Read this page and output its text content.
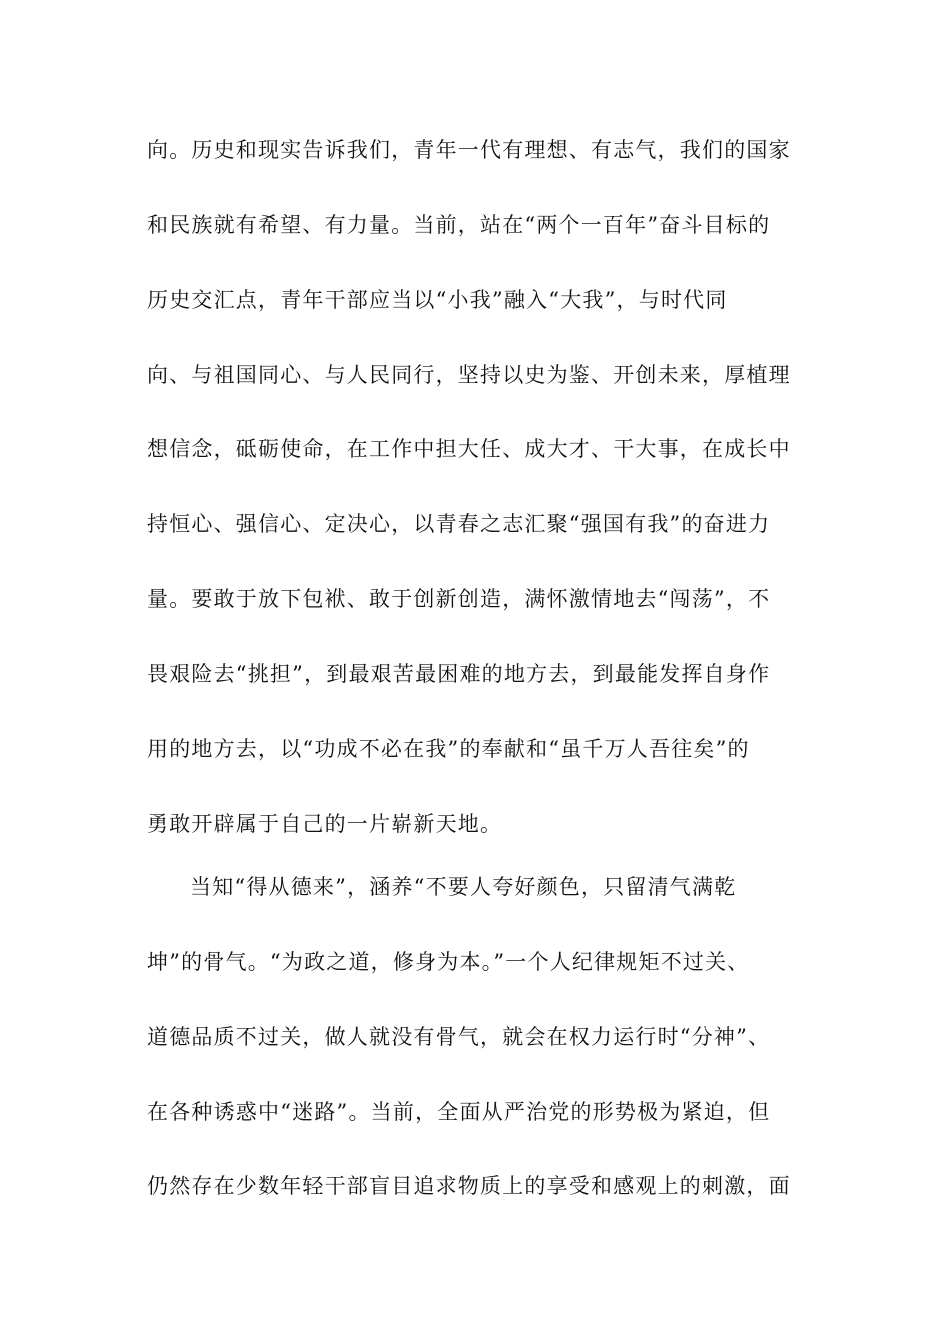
向。历史和现实告诉我们，青年一代有理想、有志气，我们的国家
和民族就有希望、有力量。当前，站在“两个一百年”奋斗目标的
历史交汇点，青年干部应当以“小我”融入“大我”，与时代同
向、与祖国同心、与人民同行，坚持以史为鉴、开创未来，厚植理
想信念，砥砺使命，在工作中担大任、成大才、干大事，在成长中
持恒心、强信心、定决心，以青春之志汇聚“强国有我”的奋进力
量。要敢于放下包袱、敢于创新创造，满怀激情地去“闯荡”，不
畏艰险去“挑担”，到最艰苦最困难的地方去，到最能发挥自身作
用的地方去，以“功成不必在我”的奉献和“虽千万人吾往矣”的
勇敢开辟属于自己的一片崭新天地。
当知“得从德来”，涵养“不要人夸好颜色，只留清气满乾
坤”的骨气。“为政之道，修身为本。”一个人纪律规矩不过关、
道德品质不过关，做人就没有骨气，就会在权力运行时“分神”、
在各种诱惑中“迷路”。当前，全面从严治党的形势极为紧迫，但
仍然存在少数年轻干部盲目追求物质上的享受和感观上的刺激，面
